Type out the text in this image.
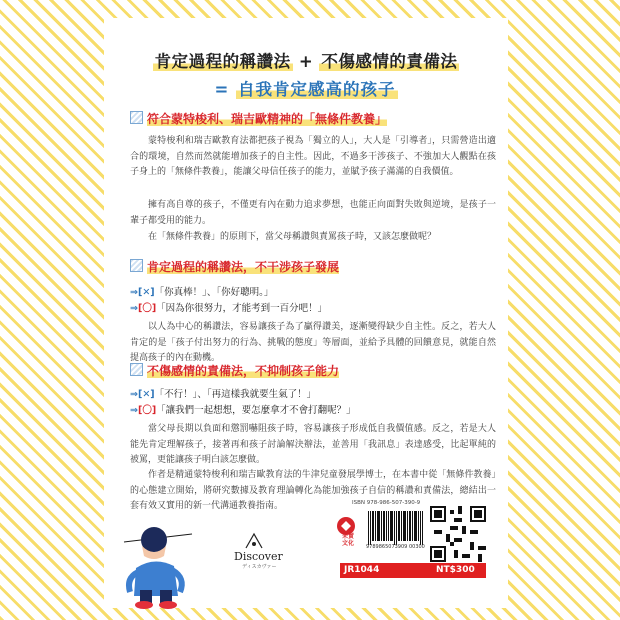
肯定過程的稱讚法 + 不傷感情的責備法
= 自我肯定感高的孩子
符合蒙特梭利、瑞吉歐精神的「無條件教養」
蒙特梭利和瑞吉歐教育法都把孩子視為「獨立的人」，大人是「引導者」，只需營造出適合的環境，自然而然就能增加孩子的自主性。因此，不過多干涉孩子、不強加大人觀點在孩子身上的「無條件教養」，能讓父母信任孩子的能力，並賦予孩子滿滿的自我價值。
擁有高自尊的孩子，不僅更有內在動力追求夢想，也能正向面對失敗與逆境，是孩子一輩子都受用的能力。
在「無條件教養」的原則下，當父母稱讚與責罵孩子時，又該怎麼做呢？
肯定過程的稱讚法，不干涉孩子發展
⇒[✕]「你真棒！」、「你好聰明。」
⇒[〇]「因為你很努力，才能考到一百分吧！」
以人為中心的稱讚法，容易讓孩子為了贏得讚美，逐漸變得缺少自主性。反之，若大人肯定的是「孩子付出努力的行為、挑戰的態度」等層面，並給予具體的回饋意見，就能自然提高孩子的內在動機。
不傷感情的責備法，不抑制孩子能力
⇒[✕]「不行！」、「再這樣我就要生氣了！」
⇒[〇]「讓我們一起想想，要怎麼拿才不會打翻呢？」
當父母長期以負面和懲罰嚇阻孩子時，容易讓孩子形成低自我價值感。反之，若是大人能先肯定理解孩子，接著再和孩子討論解決辦法，並善用「我訊息」表達感受，比起單純的被罵，更能讓孩子明白該怎麼做。
作者是精通蒙特梭利和瑞吉歐教育法的牛津兒童發展學博士，在本書中從「無條件教養」的心態建立開始，將研究數據及教育理論轉化為能加強孩子自信的稱讚和責備法，總結出一套有效又實用的新一代溝通教養指南。
Discover
ディスカヴァー
采實
文化
ISBN 978-986-507-390-9
9789865073909 00300
JR1044	NT$300
